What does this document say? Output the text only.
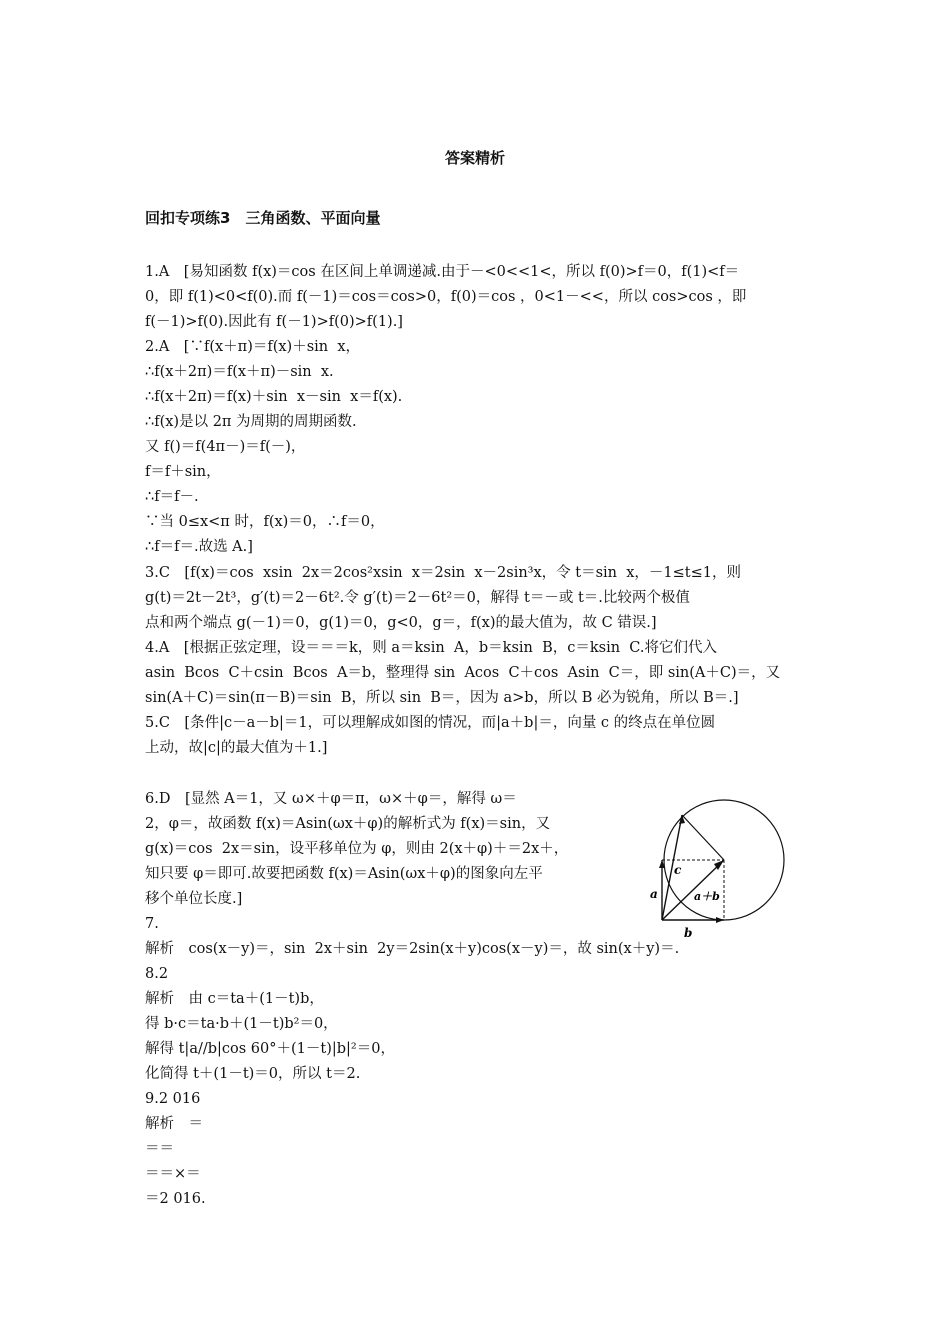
答案精析
回扣专项练3　三角函数、平面向量
1.A　[易知函数 f(x)＝cos 在区间上单调递减.由于－<0<<1<，所以 f(0)>f＝0，f(1)<f＝
0，即 f(1)<0<f(0).而 f(－1)＝cos＝cos>0，f(0)＝cos ，0<1－<<，所以 cos>cos ，即
f(－1)>f(0).因此有 f(－1)>f(0)>f(1).]
2.A　[∵f(x＋π)＝f(x)＋sin  x，
∴f(x＋2π)＝f(x＋π)－sin  x.
∴f(x＋2π)＝f(x)＋sin  x－sin  x＝f(x).
∴f(x)是以 2π 为周期的周期函数.
又 f()＝f(4π－)＝f(－)，
f＝f＋sin，
∴f＝f－.
∵当 0≤x<π 时，f(x)＝0，∴f＝0，
∴f＝f＝.故选 A.]
3.C　[f(x)＝cos  xsin  2x＝2cos²xsin  x＝2sin  x－2sin³x，令 t＝sin  x，－1≤t≤1，则
g(t)＝2t－2t³，g′(t)＝2－6t².令 g′(t)＝2－6t²＝0，解得 t＝－或 t＝.比较两个极值
点和两个端点 g(－1)＝0，g(1)＝0，g<0，g＝，f(x)的最大值为，故 C 错误.]
4.A　[根据正弦定理，设＝＝＝k，则 a＝ksin  A，b＝ksin  B，c＝ksin  C.将它们代入
asin  Bcos  C＋csin  Bcos  A＝b，整理得 sin  Acos  C＋cos  Asin  C＝，即 sin(A＋C)＝，又
sin(A＋C)＝sin(π－B)＝sin  B，所以 sin  B＝，因为 a>b，所以 B 必为锐角，所以 B＝.]
5.C　[条件|c－a－b|＝1，可以理解成如图的情况，而|a＋b|＝，向量 c 的终点在单位圆
上动，故|c|的最大值为＋1.]
6.D　[显然 A＝1，又 ω×＋φ＝π，ω×＋φ＝，解得 ω＝
2，φ＝，故函数 f(x)＝Asin(ωx＋φ)的解析式为 f(x)＝sin，又
g(x)＝cos  2x＝sin，设平移单位为 φ，则由 2(x＋φ)＋＝2x＋，
知只要 φ＝即可.故要把函数 f(x)＝Asin(ωx＋φ)的图象向左平
移个单位长度.]
7.
解析　cos(x－y)＝，sin  2x＋sin  2y＝2sin(x＋y)cos(x－y)＝，故 sin(x＋y)＝.
8.2
解析　由 c＝ta＋(1－t)b，
得 b·c＝ta·b＋(1－t)b²＝0，
解得 t|a//b|cos 60°＋(1－t)|b|²＝0，
化简得 t＋(1－t)＝0，所以 t＝2.
9.2 016
解析　＝
＝＝
＝＝×＝
＝2 016.
c
a	a＋b
b
